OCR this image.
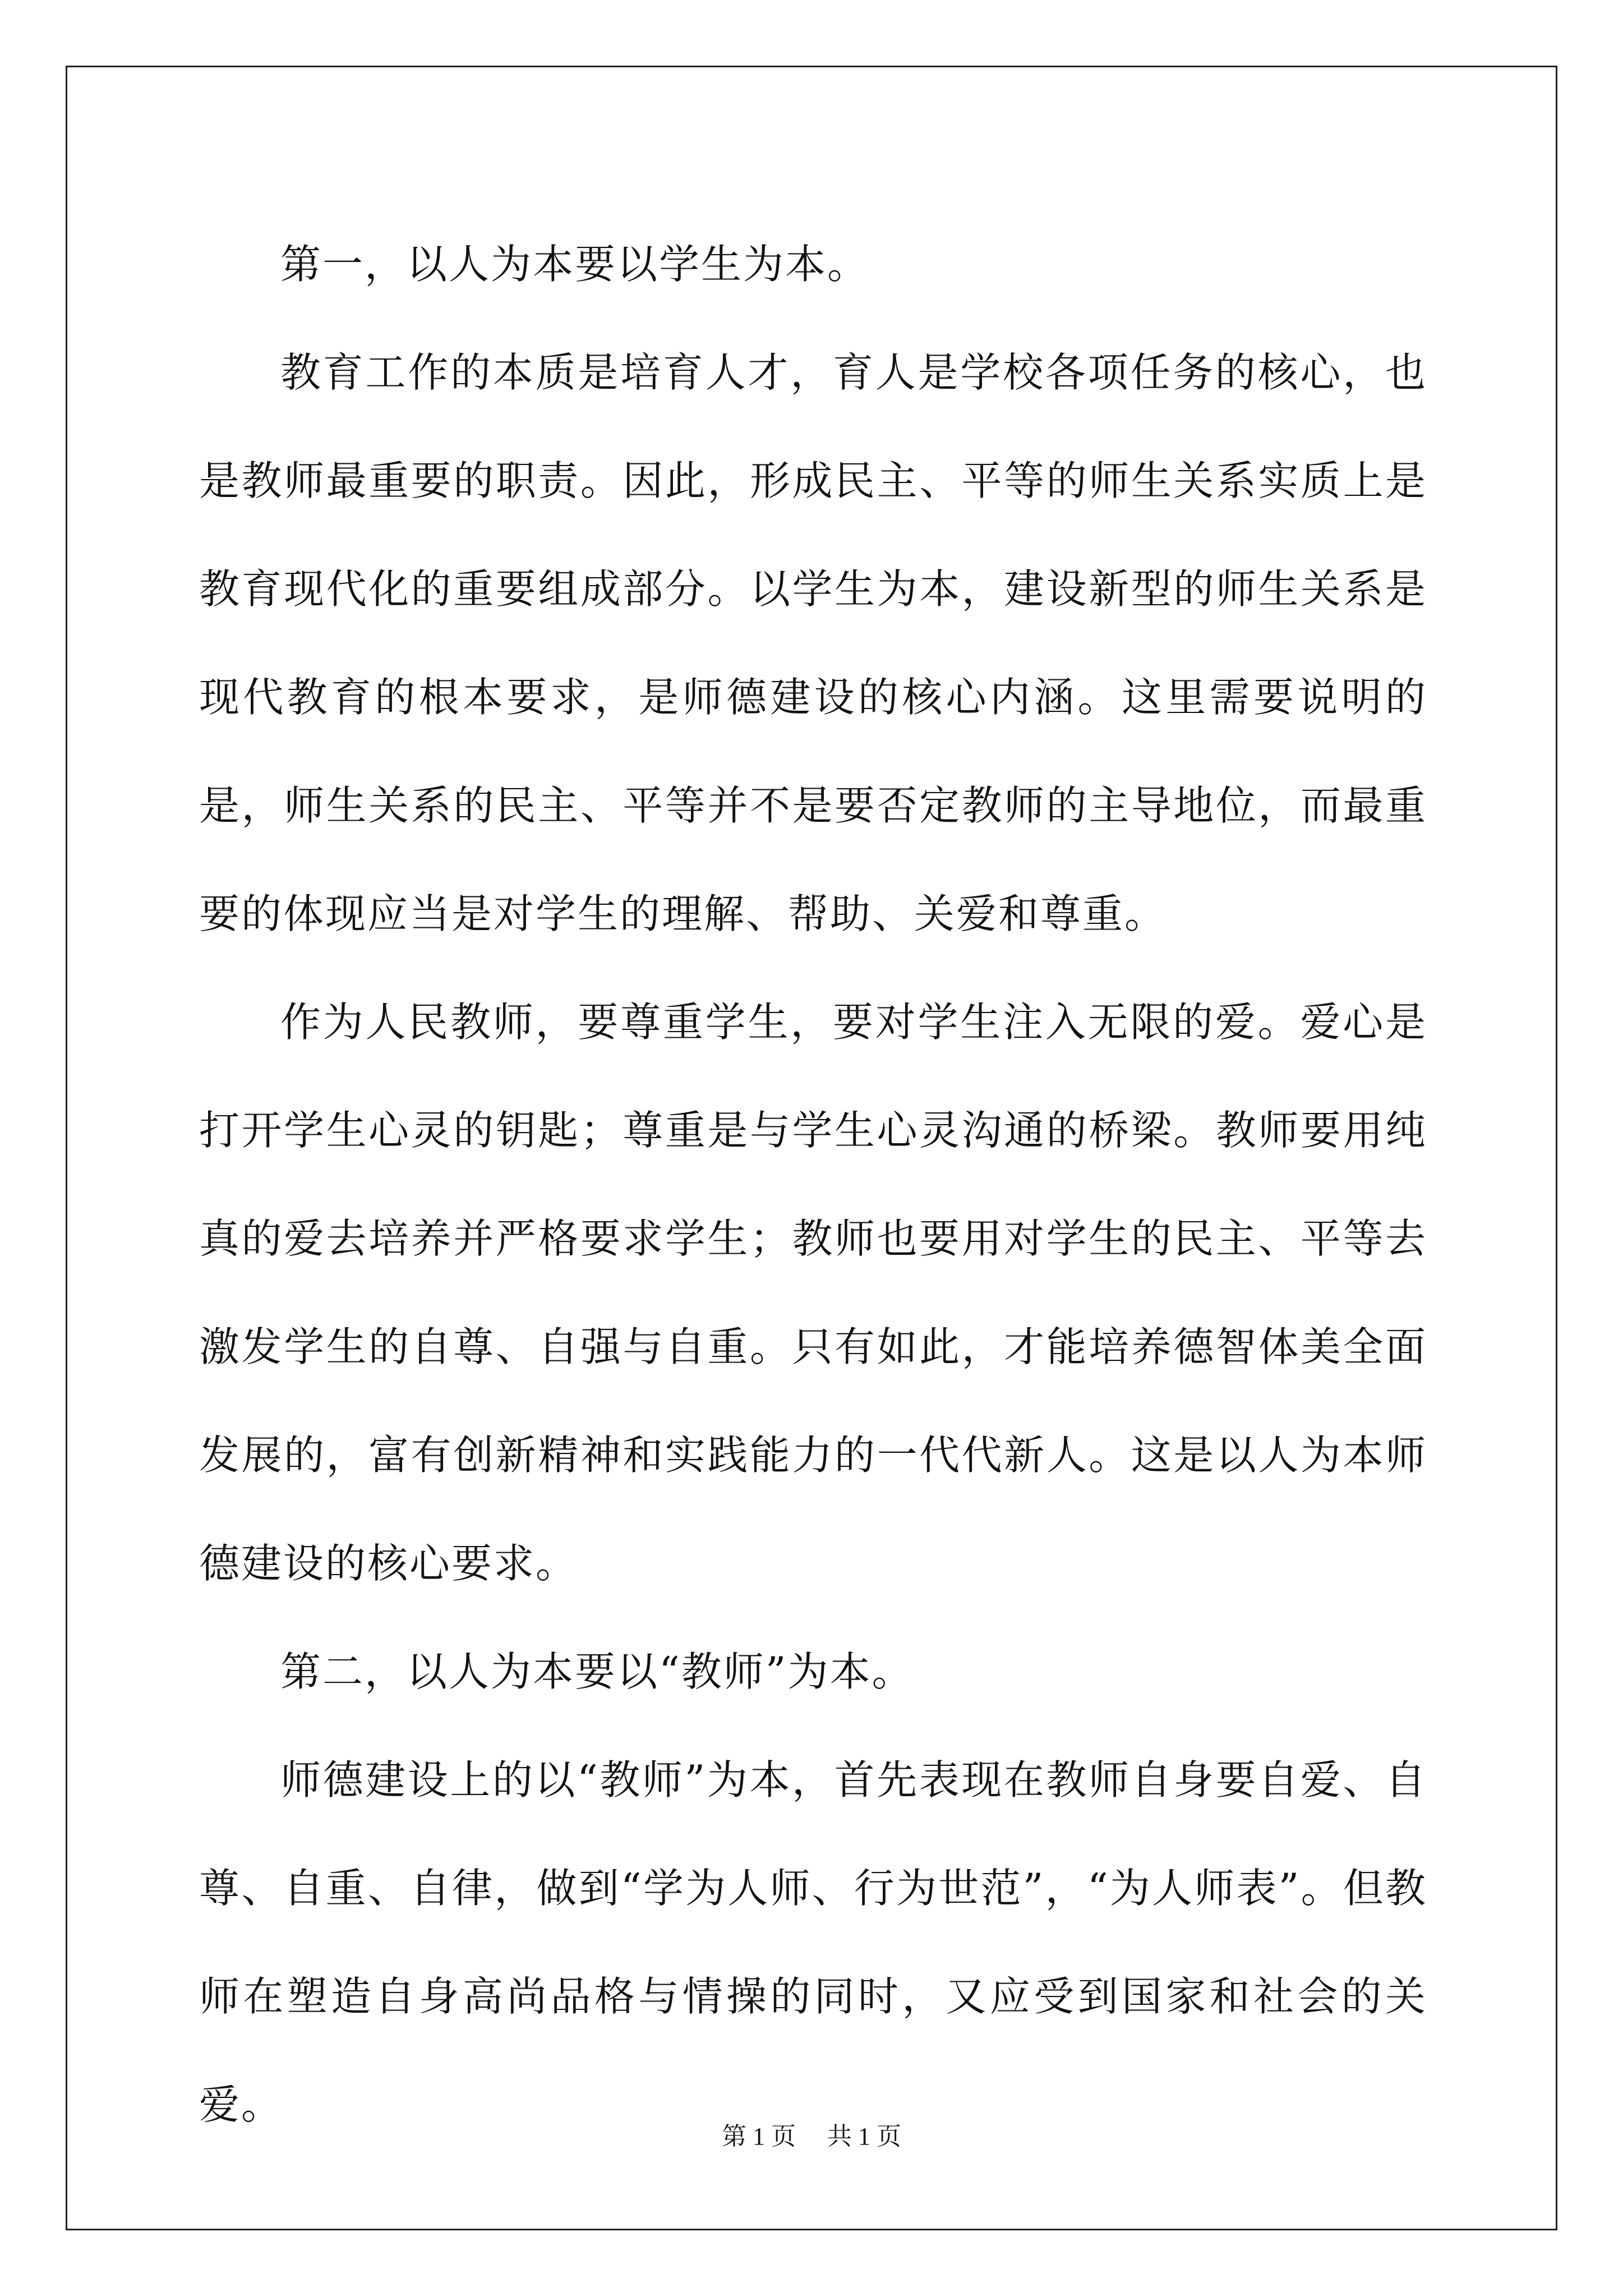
第一，以人为本要以学生为本。

教育工作的本质是培育人才，育人是学校各项任务的核心，也是教师最重要的职责。因此，形成民主、平等的师生关系实质上是教育现代化的重要组成部分。以学生为本，建设新型的师生关系是现代教育的根本要求，是师德建设的核心内涵。这里需要说明的是，师生关系的民主、平等并不是要否定教师的主导地位，而最重要的体现应当是对学生的理解、帮助、关爱和尊重。

作为人民教师，要尊重学生，要对学生注入无限的爱。爱心是打开学生心灵的钥匙；尊重是与学生心灵沟通的桥梁。教师要用纯真的爱去培养并严格要求学生；教师也要用对学生的民主、平等去激发学生的自尊、自强与自重。只有如此，才能培养德智体美全面发展的，富有创新精神和实践能力的一代代新人。这是以人为本师德建设的核心要求。

第二，以人为本要以“教师”为本。

师德建设上的以“教师”为本，首先表现在教师自身要自爱、自尊、自重、自律，做到“学为人师、行为世范”，“为人师表”。但教师在塑造自身高尚品格与情操的同时，又应受到国家和社会的关爱。

第 1 页 共 1 页
